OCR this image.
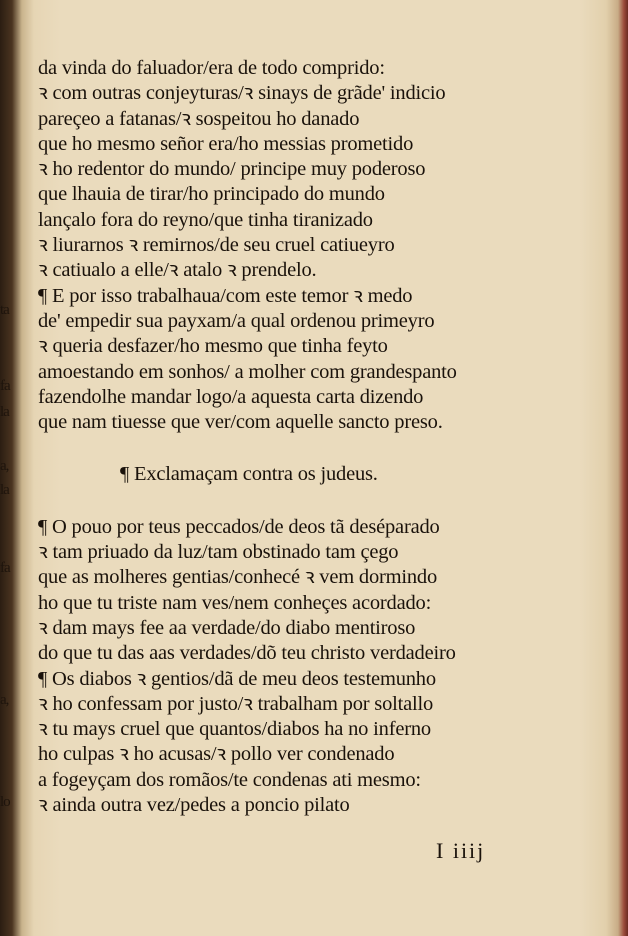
ta
fa
la
a,
la
fa
a,
lo
da vinda do faluador/era de todo comprido:
ꝛ com outras conjeyturas/ꝛ sinays de grãde' indicio
pareçeo a fatanas/ꝛ sospeitou ho danado
que ho mesmo señor era/ho messias prometido
ꝛ ho redentor do mundo/ principe muy poderoso
que lhauia de tirar/ho principado do mundo
lançalo fora do reyno/que tinha tiranizado
ꝛ liurarnos ꝛ remirnos/de seu cruel catiueyro
ꝛ catiualo a elle/ꝛ atalo ꝛ prendelo.
¶ E por isso trabalhaua/com este temor ꝛ medo
de' empedir sua payxam/a qual ordenou primeyro
ꝛ queria desfazer/ho mesmo que tinha feyto
amoestando em sonhos/ a molher com grandespanto
fazendolhe mandar logo/a aquesta carta dizendo
que nam tiuesse que ver/com aquelle sancto preso.
¶ Exclamaçam contra os judeus.
¶ O pouo por teus peccados/de deos tã deséparado
ꝛ tam priuado da luz/tam obstinado tam çego
que as molheres gentias/conhecé ꝛ vem dormindo
ho que tu triste nam ves/nem conheçes acordado:
ꝛ dam mays fee aa verdade/do diabo mentiroso
do que tu das aas verdades/dõ teu christo verdadeiro
¶ Os diabos ꝛ gentios/dã de meu deos testemunho
ꝛ ho confessam por justo/ꝛ trabalham por soltallo
ꝛ tu mays cruel que quantos/diabos ha no inferno
ho culpas ꝛ ho acusas/ꝛ pollo ver condenado
a fogeyçam dos romãos/te condenas ati mesmo:
ꝛ ainda outra vez/pedes a poncio pilato
I iiij
